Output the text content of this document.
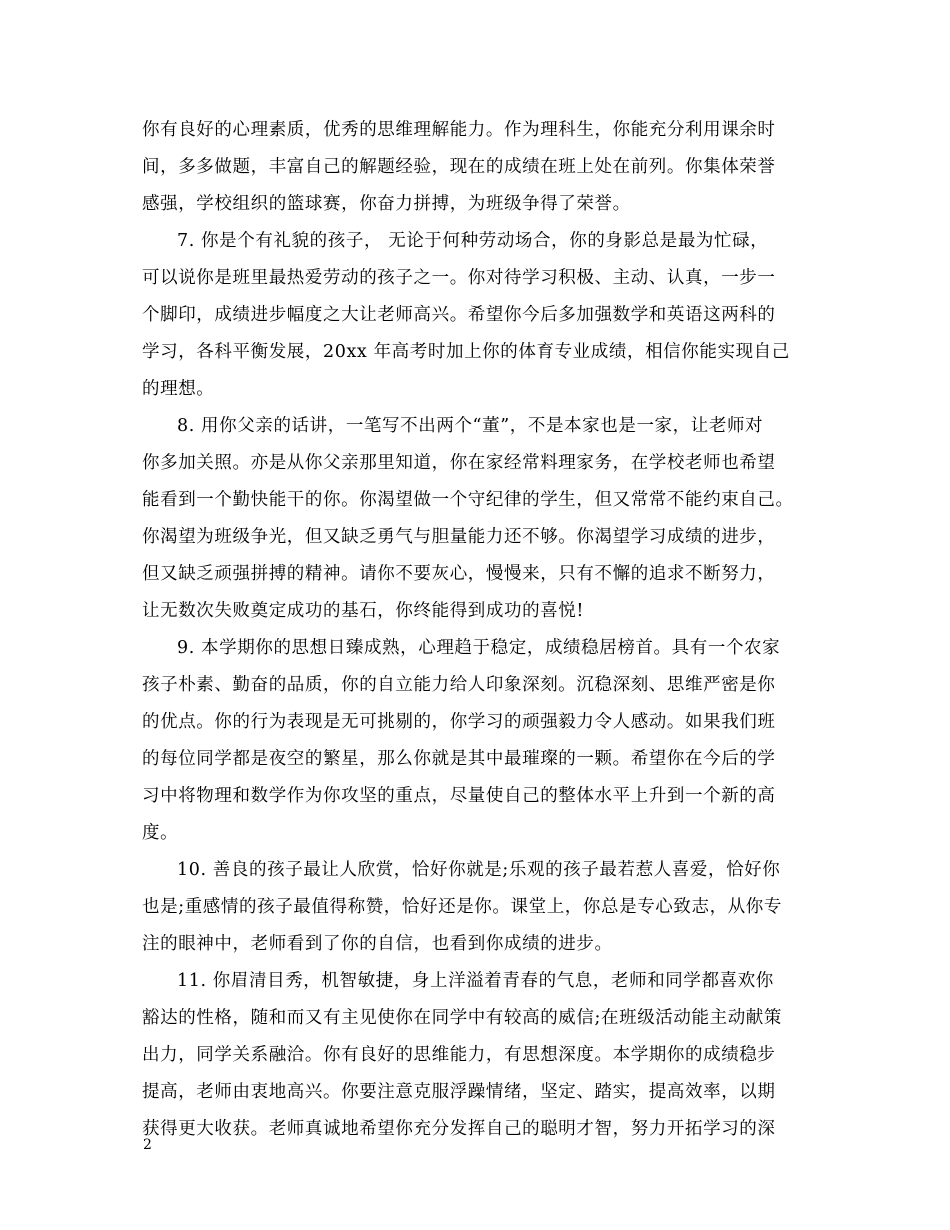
你有良好的心理素质，优秀的思维理解能力。作为理科生，你能充分利用课余时
间，多多做题，丰富自己的解题经验，现在的成绩在班上处在前列。你集体荣誉
感强，学校组织的篮球赛，你奋力拼搏，为班级争得了荣誉。
7. 你是个有礼貌的孩子， 无论于何种劳动场合，你的身影总是最为忙碌，
可以说你是班里最热爱劳动的孩子之一。你对待学习积极、主动、认真，一步一
个脚印，成绩进步幅度之大让老师高兴。希望你今后多加强数学和英语这两科的
学习，各科平衡发展，20xx 年高考时加上你的体育专业成绩，相信你能实现自己
的理想。
8. 用你父亲的话讲，一笔写不出两个“董”，不是本家也是一家，让老师对
你多加关照。亦是从你父亲那里知道，你在家经常料理家务，在学校老师也希望
能看到一个勤快能干的你。你渴望做一个守纪律的学生，但又常常不能约束自己。
你渴望为班级争光，但又缺乏勇气与胆量能力还不够。你渴望学习成绩的进步，
但又缺乏顽强拼搏的精神。请你不要灰心，慢慢来，只有不懈的追求不断努力，
让无数次失败奠定成功的基石，你终能得到成功的喜悦!
9. 本学期你的思想日臻成熟，心理趋于稳定，成绩稳居榜首。具有一个农家
孩子朴素、勤奋的品质，你的自立能力给人印象深刻。沉稳深刻、思维严密是你
的优点。你的行为表现是无可挑剔的，你学习的顽强毅力令人感动。如果我们班
的每位同学都是夜空的繁星，那么你就是其中最璀璨的一颗。希望你在今后的学
习中将物理和数学作为你攻坚的重点，尽量使自己的整体水平上升到一个新的高
度。
10. 善良的孩子最让人欣赏，恰好你就是;乐观的孩子最若惹人喜爱，恰好你
也是;重感情的孩子最值得称赞，恰好还是你。课堂上，你总是专心致志，从你专
注的眼神中，老师看到了你的自信，也看到你成绩的进步。
11. 你眉清目秀，机智敏捷，身上洋溢着青春的气息，老师和同学都喜欢你
豁达的性格，随和而又有主见使你在同学中有较高的威信;在班级活动能主动献策
出力，同学关系融洽。你有良好的思维能力，有思想深度。本学期你的成绩稳步
提高，老师由衷地高兴。你要注意克服浮躁情绪，坚定、踏实，提高效率，以期
获得更大收获。老师真诚地希望你充分发挥自己的聪明才智，努力开拓学习的深
2
